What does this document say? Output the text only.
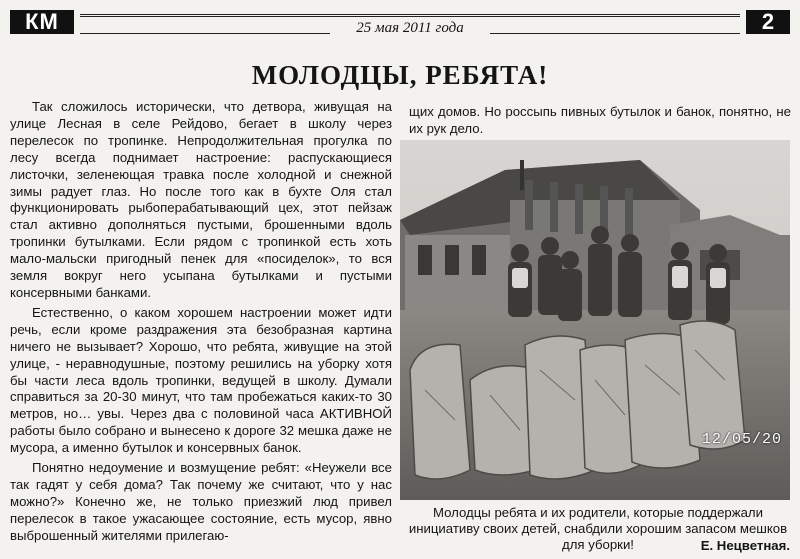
КМ	25 мая 2011 года	2
МОЛОДЦЫ, РЕБЯТА!

Так сложилось исторически, что детвора, живущая на улице Лесная в селе Рейдово, бегает в школу через перелесок по тропинке. Непродолжительная прогулка по лесу всегда поднимает настроение: распускающиеся листочки, зеленеющая травка после холодной и снежной зимы радует глаз. Но после того как в бухте Оля стал функционировать рыбоперабатывающий цех, этот пейзаж стал активно дополняться пустыми, брошенными вдоль тропинки бутылками. Если рядом с тропинкой есть хоть мало-мальски пригодный пенек для «посиделок», то вся земля вокруг него усыпана бутылками и пустыми консервными банками.

Естественно, о каком хорошем настроении может идти речь, если кроме раздражения эта безобразная картина ничего не вызывает? Хорошо, что ребята, живущие на этой улице, - неравнодушные, поэтому решились на уборку хотя бы части леса вдоль тропинки, ведущей в школу. Думали справиться за 20-30 минут, что там пробежаться каких-то 30 метров, но… увы. Через два с половиной часа АКТИВНОЙ работы было собрано и вынесено к дороге 32 мешка даже не мусора, а именно бутылок и консервных банок.

Понятно недоумение и возмущение ребят: «Неужели все так гадят у себя дома? Так почему же считают, что у нас можно?» Конечно же, не только приезжий люд привел перелесок в такое ужасающее состояние, есть мусор, явно выброшенный жителями прилегаю-

щих домов. Но россыпь пивных бутылок и банок, понятно, не их рук дело.

12/05/20
Молодцы ребята и их родители, которые поддержали инициативу своих детей, снабдили хорошим запасом мешков для уборки!	Е. Нецветная.
